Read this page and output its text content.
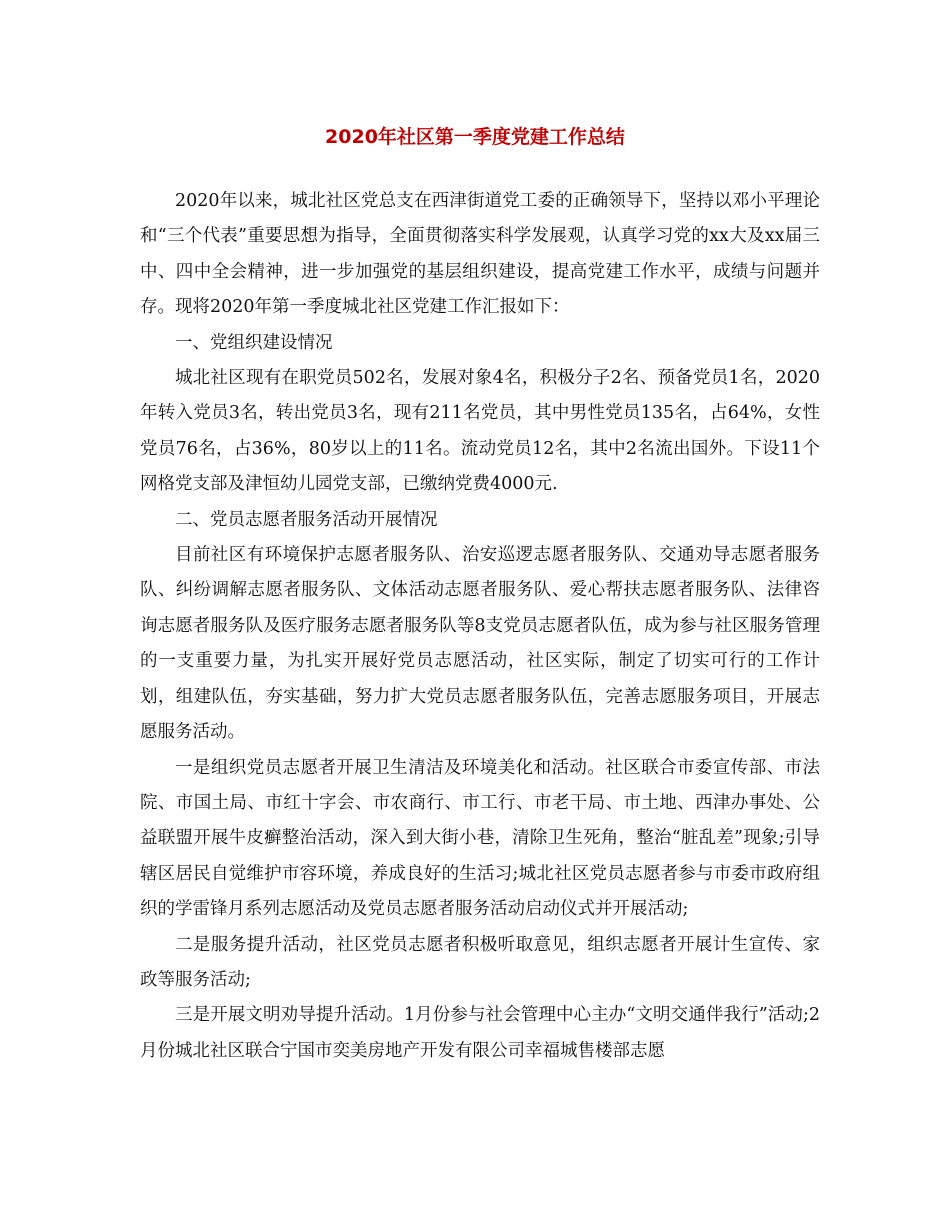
2020年社区第一季度党建工作总结

2020年以来，城北社区党总支在西津街道党工委的正确领导下，坚持以邓小平理论和“三个代表”重要思想为指导，全面贯彻落实科学发展观，认真学习党的xx大及xx届三中、四中全会精神，进一步加强党的基层组织建设，提高党建工作水平，成绩与问题并存。现将2020年第一季度城北社区党建工作汇报如下：

一、党组织建设情况

城北社区现有在职党员502名，发展对象4名，积极分子2名、预备党员1名，2020年转入党员3名，转出党员3名，现有211名党员，其中男性党员135名，占64%，女性党员76名，占36%，80岁以上的11名。流动党员12名，其中2名流出国外。下设11个网格党支部及津恒幼儿园党支部，已缴纳党费4000元.

二、党员志愿者服务活动开展情况

目前社区有环境保护志愿者服务队、治安巡逻志愿者服务队、交通劝导志愿者服务队、纠纷调解志愿者服务队、文体活动志愿者服务队、爱心帮扶志愿者服务队、法律咨询志愿者服务队及医疗服务志愿者服务队等8支党员志愿者队伍，成为参与社区服务管理的一支重要力量，为扎实开展好党员志愿活动，社区实际，制定了切实可行的工作计划，组建队伍，夯实基础，努力扩大党员志愿者服务队伍，完善志愿服务项目，开展志愿服务活动。

一是组织党员志愿者开展卫生清洁及环境美化和活动。社区联合市委宣传部、市法院、市国土局、市红十字会、市农商行、市工行、市老干局、市土地、西津办事处、公益联盟开展牛皮癣整治活动，深入到大街小巷，清除卫生死角，整治“脏乱差”现象;引导辖区居民自觉维护市容环境，养成良好的生活习;城北社区党员志愿者参与市委市政府组织的学雷锋月系列志愿活动及党员志愿者服务活动启动仪式并开展活动;

二是服务提升活动，社区党员志愿者积极听取意见，组织志愿者开展计生宣传、家政等服务活动;

三是开展文明劝导提升活动。1月份参与社会管理中心主办“文明交通伴我行”活动;2月份城北社区联合宁国市奕美房地产开发有限公司幸福城售楼部志愿
